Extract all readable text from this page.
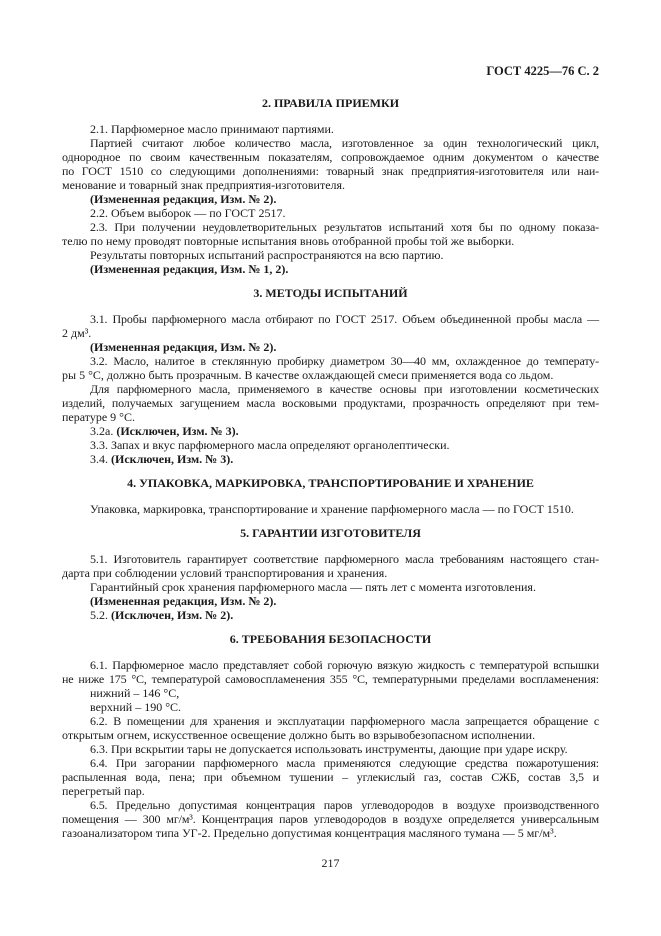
ГОСТ 4225—76 С. 2
2. ПРАВИЛА ПРИЕМКИ
2.1. Парфюмерное масло принимают партиями.
Партией считают любое количество масла, изготовленное за один технологический цикл,
однородное по своим качественным показателям, сопровождаемое одним документом о качестве
по ГОСТ 1510 со следующими дополнениями: товарный знак предприятия-изготовителя или наи-
менование и товарный знак предприятия-изготовителя.
(Измененная редакция, Изм. № 2).
2.2. Объем выборок — по ГОСТ 2517.
2.3. При получении неудовлетворительных результатов испытаний хотя бы по одному показа-
телю по нему проводят повторные испытания вновь отобранной пробы той же выборки.
Результаты повторных испытаний распространяются на всю партию.
(Измененная редакция, Изм. № 1, 2).
3. МЕТОДЫ ИСПЫТАНИЙ
3.1. Пробы парфюмерного масла отбирают по ГОСТ 2517. Объем объединенной пробы масла —
2 дм³.
(Измененная редакция, Изм. № 2).
3.2. Масло, налитое в стеклянную пробирку диаметром 30—40 мм, охлажденное до температу-
ры 5 °С, должно быть прозрачным. В качестве охлаждающей смеси применяется вода со льдом.
Для парфюмерного масла, применяемого в качестве основы при изготовлении косметических
изделий, получаемых загущением масла восковыми продуктами, прозрачность определяют при тем-
пературе 9 °С.
3.2а. (Исключен, Изм. № 3).
3.3. Запах и вкус парфюмерного масла определяют органолептически.
3.4. (Исключен, Изм. № 3).
4. УПАКОВКА, МАРКИРОВКА, ТРАНСПОРТИРОВАНИЕ И ХРАНЕНИЕ
Упаковка, маркировка, транспортирование и хранение парфюмерного масла — по ГОСТ 1510.
5. ГАРАНТИИ ИЗГОТОВИТЕЛЯ
5.1. Изготовитель гарантирует соответствие парфюмерного масла требованиям настоящего стан-
дарта при соблюдении условий транспортирования и хранения.
Гарантийный срок хранения парфюмерного масла — пять лет с момента изготовления.
(Измененная редакция, Изм. № 2).
5.2. (Исключен, Изм. № 2).
6. ТРЕБОВАНИЯ БЕЗОПАСНОСТИ
6.1. Парфюмерное масло представляет собой горючую вязкую жидкость с температурой вспышки
не ниже 175 °С, температурой самовоспламенения 355 °С, температурными пределами воспламенения:
нижний – 146 °С,
верхний – 190 °С.
6.2. В помещении для хранения и эксплуатации парфюмерного масла запрещается обращение с
открытым огнем, искусственное освещение должно быть во взрывобезопасном исполнении.
6.3. При вскрытии тары не допускается использовать инструменты, дающие при ударе искру.
6.4. При загорании парфюмерного масла применяются следующие средства пожаротушения:
распыленная вода, пена; при объемном тушении – углекислый газ, состав СЖБ, состав 3,5 и
перегретый пар.
6.5. Предельно допустимая концентрация паров углеводородов в воздухе производственного
помещения — 300 мг/м³. Концентрация паров углеводородов в воздухе определяется универсальным
газоанализатором типа УГ-2. Предельно допустимая концентрация масляного тумана — 5 мг/м³.
217
